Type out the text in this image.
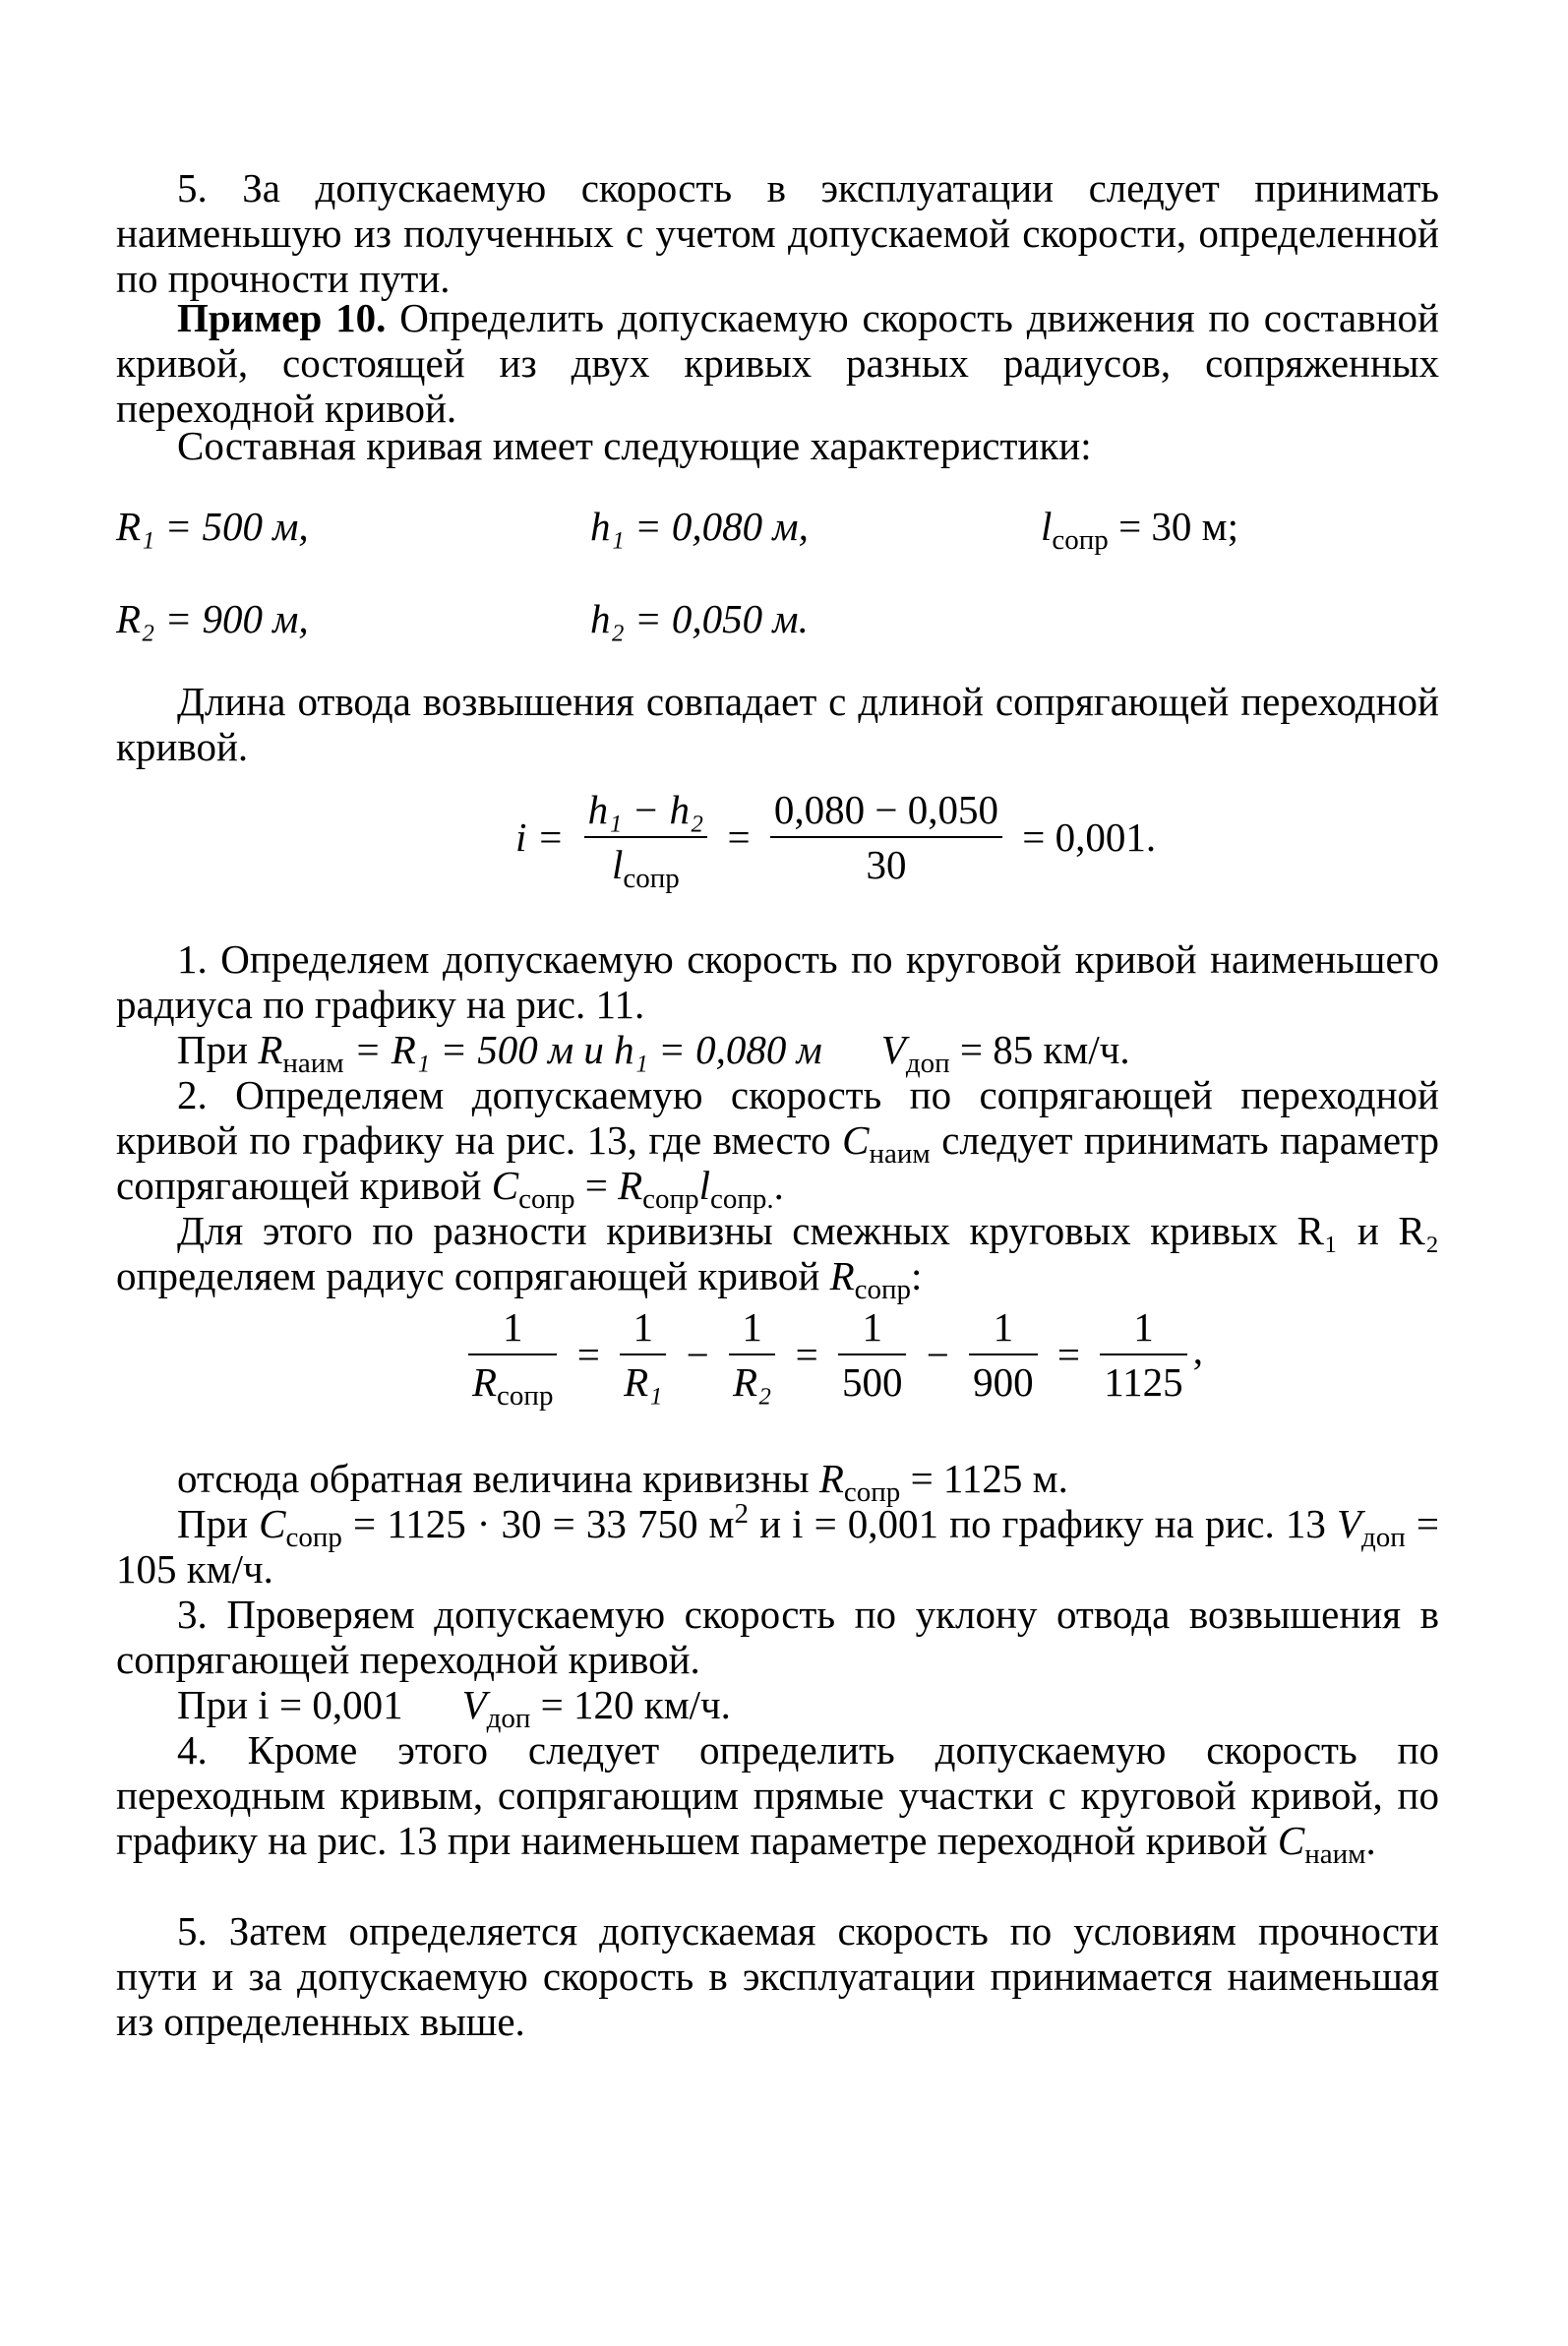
5. За допускаемую скорость в эксплуатации следует принимать наименьшую из полученных с учетом допускаемой скорости, определенной по прочности пути.
Пример 10. Определить допускаемую скорость движения по составной кривой, состоящей из двух кривых разных радиусов, сопряженных переходной кривой.
Составная кривая имеет следующие характеристики:
R₁ = 500 м,	h₁ = 0,080 м,	$l_{сопр} = 30$ м;
R₂ = 900 м,	h₂ = 0,050 м.
Длина отвода возвышения совпадает с длиной сопрягающей переходной кривой.
$i = \frac{\text{h₁ − h₂}}{l_{сопр}} = \frac{0,080 - 0,050}{30} = 0,001$.
1. Определяем допускаемую скорость по круговой кривой наименьшего радиуса по графику на рис. 11.
При $R_{наим} = R_1 = 500$ м и h₁ = 0,080 м $V_{доп} = 85$ км/ч.
2. Определяем допускаемую скорость по сопрягающей переходной кривой по графику на рис. 13, где вместо $C_{наим}$ следует принимать параметр сопрягающей кривой $C_{сопр} = R_{сопр}l_{сопр.}$.
Для этого по разности кривизны смежных круговых кривых R₁ и R₂ определяем радиус сопрягающей кривой $R_{сопр}$:
$\frac{1}{R_{сопр}} = \frac{1}{\text{R₁}} - \frac{1}{\text{R₂}} = \frac{1}{500} - \frac{1}{900} = \frac{1}{1125}$ ,
отсюда обратная величина кривизны $R_{сопр} = 1125$ м.
При $C_{сопр} = 1125 \cdot 30 = 33$ 750 $м^2$ и i = 0,001 по графику на рис. 13 $V_{доп} = 105$ км/ч.
3. Проверяем допускаемую скорость по уклону отвода возвышения в сопрягающей переходной кривой.
При i = 0,001 $V_{доп} = 120$ км/ч.
4. Кроме этого следует определить допускаемую скорость по переходным кривым, сопрягающим прямые участки с круговой кривой, по графику на рис. 13 при наименьшем параметре переходной кривой $C_{наим}$.
5. Затем определяется допускаемая скорость по условиям прочности пути и за допускаемую скорость в эксплуатации принимается наименьшая из определенных выше.
